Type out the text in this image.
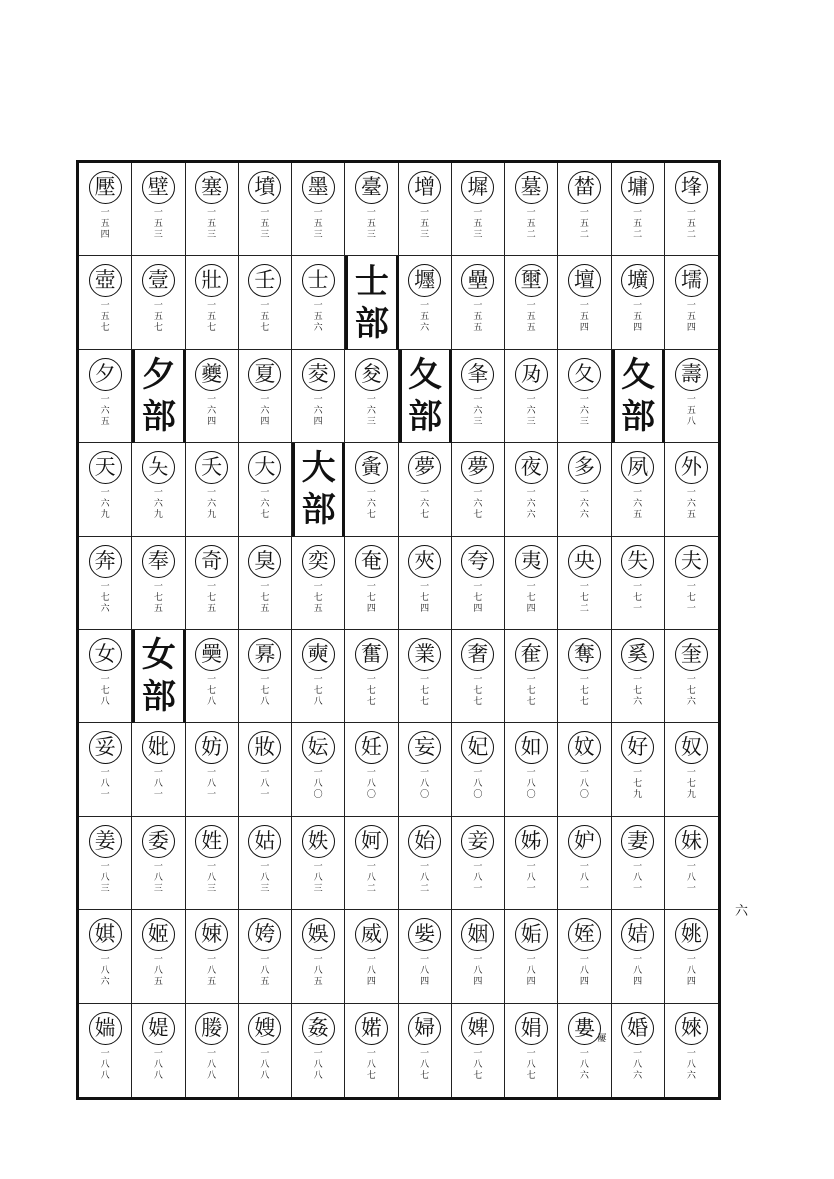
壓
一
五
四
壁
一
五
三
塞
一
五
三
墳
一
五
三
墨
一
五
三
臺
一
五
三
增
一
五
三
墀
一
五
三
墓
一
五
二
榃
一
五
二
墉
一
五
二
埄
一
五
二
壺
一
五
七
壹
一
五
七
壯
一
五
七
壬
一
五
七
士
一
五
六
士
部
壥
一
五
六
壘
一
五
五
壐
一
五
五
壇
一
五
四
壙
一
五
四
壖
一
五
四
夕
一
六
五
夕
部
夔
一
六
四
夏
一
六
四
夌
一
六
四
夋
一
六
三
夂
部
夆
一
六
三
夃
一
六
三
夂
一
六
三
夂
部
壽
一
五
八
天
一
六
九
夨
一
六
九
夭
一
六
九
大
一
六
七
大
部
夤
一
六
七
夢
一
六
七
夢
一
六
七
夜
一
六
六
多
一
六
六
夙
一
六
五
外
一
六
五
奔
一
七
六
奉
一
七
五
奇
一
七
五
臭
一
七
五
奕
一
七
五
奄
一
七
四
夾
一
七
四
夸
一
七
四
夷
一
七
四
央
一
七
二
失
一
七
一
夫
一
七
一
女
一
七
八
女
部
奰
一
七
八
奡
一
七
八
奭
一
七
八
奮
一
七
七
業
一
七
七
奢
一
七
七
奞
一
七
七
奪
一
七
七
奚
一
七
六
奎
一
七
六
妥
一
八
一
妣
一
八
一
妨
一
八
一
妝
一
八
一
妘
一
八
〇
妊
一
八
〇
妄
一
八
〇
妃
一
八
〇
如
一
八
〇
妏
一
八
〇
好
一
七
九
奴
一
七
九
姜
一
八
三
委
一
八
三
姓
一
八
三
姑
一
八
三
妷
一
八
三
妸
一
八
二
始
一
八
二
妾
一
八
一
姊
一
八
一
妒
一
八
一
妻
一
八
一
妹
一
八
一
娸
一
八
六
姬
一
八
五
娕
一
八
五
姱
一
八
五
娛
一
八
五
威
一
八
四
姕
一
八
四
姻
一
八
四
姤
一
八
四
姪
一
八
四
姞
一
八
四
姚
一
八
四
媏
一
八
八
媞
一
八
八
媵
一
八
八
嫂
一
八
八
姦
一
八
八
婼
一
八
七
婦
一
八
七
婢
一
八
七
娟
一
八
七
婁
一
八
六
屢 婚
一
八
六
婡
一
八
六
六
